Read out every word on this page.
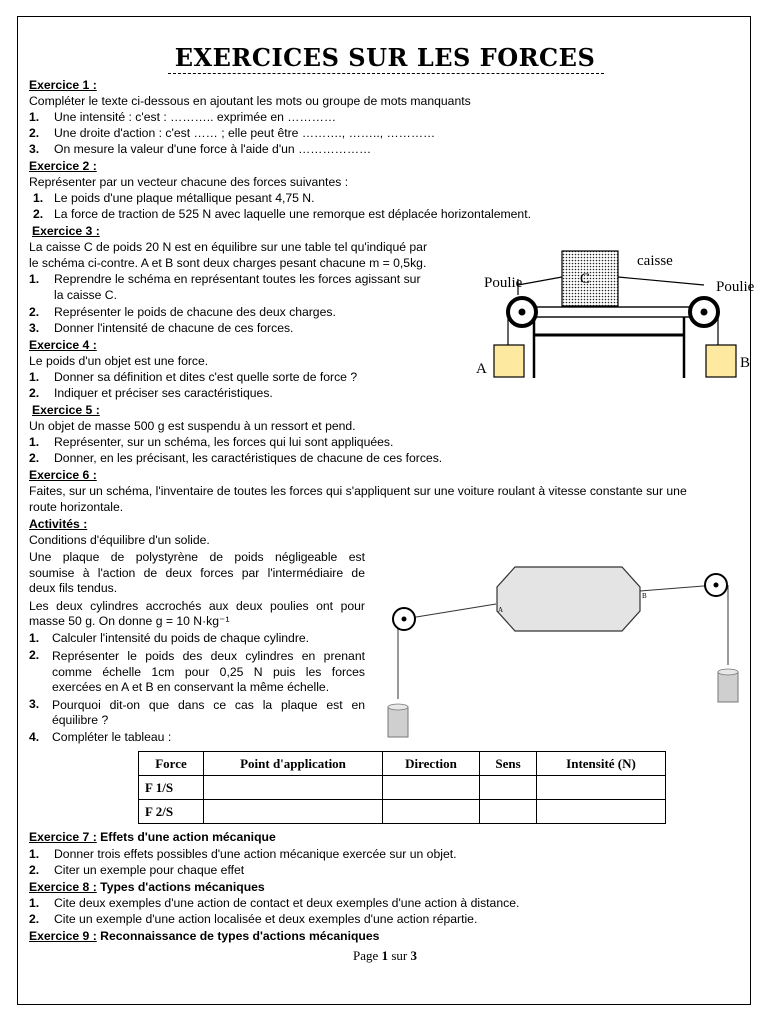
EXERCICES SUR LES FORCES
Exercice 1 :
Compléter le texte ci-dessous en ajoutant les mots ou groupe de mots manquants
1. Une intensité : c'est : ……….. exprimée en …………
2. Une droite d'action : c'est …… ; elle peut être ………., …….., …………
3. On mesure la valeur d'une force à l'aide d'un ………………
Exercice 2 :
Représenter par un vecteur chacune des forces suivantes :
1. Le poids d'une plaque métallique pesant 4,75 N.
2. La force de traction de 525 N avec laquelle une remorque est déplacée horizontalement.
Exercice 3 :
La caisse C de poids 20 N est en équilibre sur une table tel qu'indiqué par
le schéma ci-contre. A et B sont deux charges pesant chacune m = 0,5kg.
1. Reprendre le schéma en représentant toutes les forces agissant sur
la caisse C.
2. Représenter le poids de chacune des deux charges.
3. Donner l'intensité de chacune de ces forces.
caisse
C
Poulie	Poulie
A	B
Exercice 4 :
Le poids d'un objet est une force.
1. Donner sa définition et dites c'est quelle sorte de force ?
2. Indiquer et préciser ses caractéristiques.
Exercice 5 :
Un objet de masse 500 g est suspendu à un ressort et pend.
1. Représenter, sur un schéma, les forces qui lui sont appliquées.
2. Donner, en les précisant, les caractéristiques de chacune de ces forces.
Exercice 6 :
Faites, sur un schéma, l'inventaire de toutes les forces qui s'appliquent sur une voiture roulant à vitesse constante sur une
route horizontale.
Activités :
Conditions d'équilibre d'un solide.
Une plaque de polystyrène de poids négligeable est
soumise à l'action de deux forces par l'intermédiaire de
deux fils tendus.
Les deux cylindres accrochés aux deux poulies ont pour
masse 50 g. On donne g = 10 N·kg⁻¹
1. Calculer l'intensité du poids de chaque cylindre.
2. Représenter le poids des deux cylindres en prenant
comme échelle 1cm pour 0,25 N puis les forces
exercées en A et B en conservant la même échelle.
3. Pourquoi dit-on que dans ce cas la plaque est en
équilibre ?
4. Compléter le tableau :
A
B
Force	Point d'application	Direction	Sens	Intensité (N)
F 1/S				
F 2/S				
Exercice 7 : Effets d'une action mécanique
1. Donner trois effets possibles d'une action mécanique exercée sur un objet.
2. Citer un exemple pour chaque effet
Exercice 8 : Types d'actions mécaniques
1. Cite deux exemples d'une action de contact et deux exemples d'une action à distance.
2. Cite un exemple d'une action localisée et deux exemples d'une action répartie.
Exercice 9 : Reconnaissance de types d'actions mécaniques
Page 1 sur 3
